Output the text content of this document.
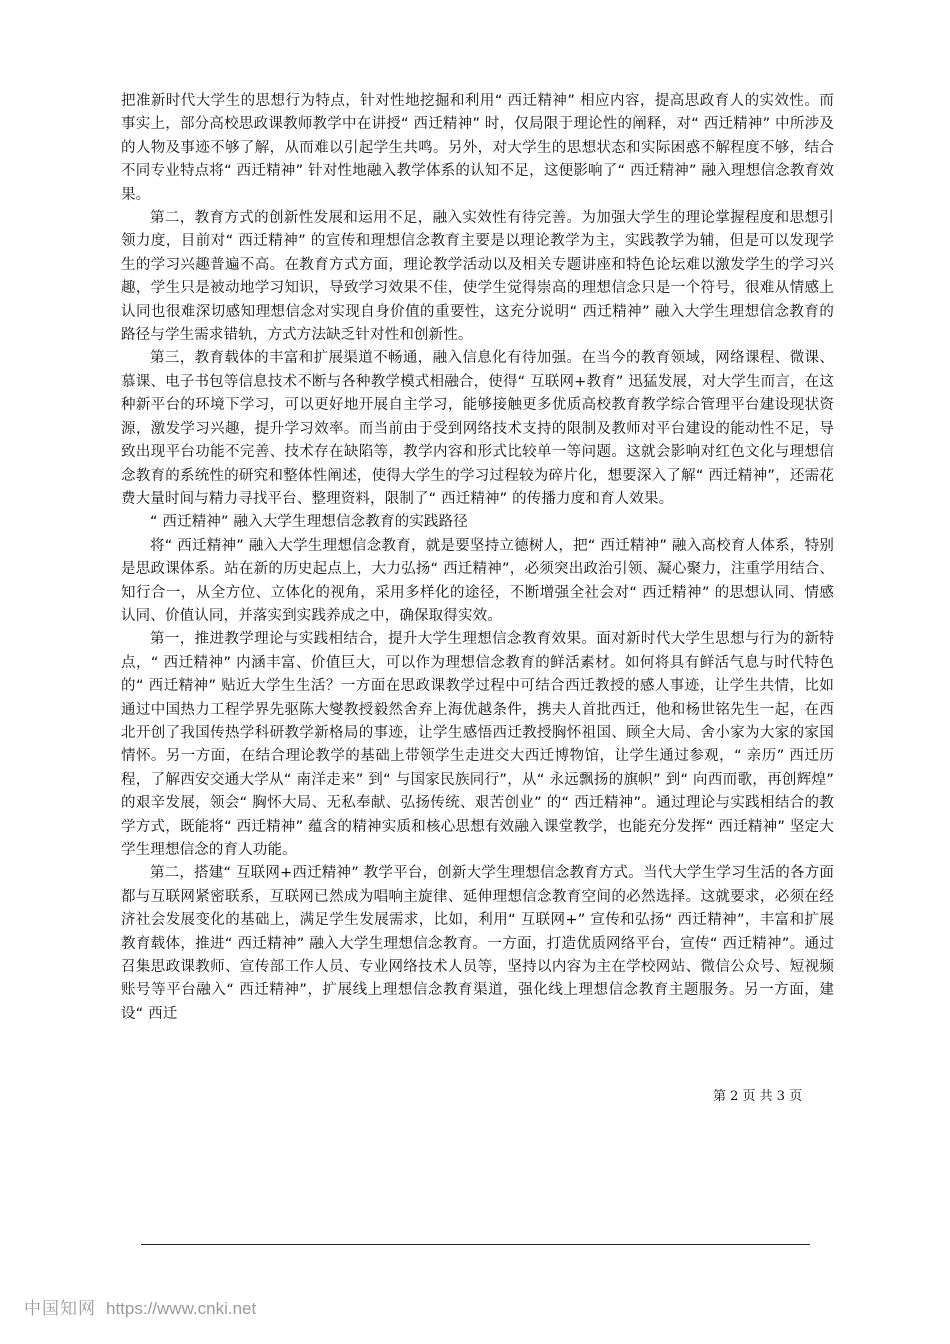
把准新时代大学生的思想行为特点，针对性地挖掘和利用“ 西迁精神” 相应内容，提高思政育人的实效性。而事实上，部分高校思政课教师教学中在讲授“ 西迁精神” 时，仅局限于理论性的阐释，对“ 西迁精神” 中所涉及的人物及事迹不够了解，从而难以引起学生共鸣。另外，对大学生的思想状态和实际困惑不解程度不够，结合不同专业特点将“ 西迁精神” 针对性地融入教学体系的认知不足，这便影响了“ 西迁精神” 融入理想信念教育效果。

第二，教育方式的创新性发展和运用不足，融入实效性有待完善。为加强大学生的理论掌握程度和思想引领力度，目前对“ 西迁精神” 的宣传和理想信念教育主要是以理论教学为主，实践教学为辅，但是可以发现学生的学习兴趣普遍不高。在教育方式方面，理论教学活动以及相关专题讲座和特色论坛难以激发学生的学习兴趣，学生只是被动地学习知识，导致学习效果不佳，使学生觉得崇高的理想信念只是一个符号，很难从情感上认同也很难深切感知理想信念对实现自身价值的重要性，这充分说明“ 西迁精神” 融入大学生理想信念教育的路径与学生需求错轨，方式方法缺乏针对性和创新性。

第三，教育载体的丰富和扩展渠道不畅通，融入信息化有待加强。在当今的教育领域，网络课程、微课、慕课、电子书包等信息技术不断与各种教学模式相融合，使得“ 互联网+教育” 迅猛发展，对大学生而言，在这种新平台的环境下学习，可以更好地开展自主学习，能够接触更多优质高校教育教学综合管理平台建设现状资源，激发学习兴趣，提升学习效率。而当前由于受到网络技术支持的限制及教师对平台建设的能动性不足，导致出现平台功能不完善、技术存在缺陷等，教学内容和形式比较单一等问题。这就会影响对红色文化与理想信念教育的系统性的研究和整体性阐述，使得大学生的学习过程较为碎片化，想要深入了解“ 西迁精神”，还需花费大量时间与精力寻找平台、整理资料，限制了“ 西迁精神” 的传播力度和育人效果。

“ 西迁精神” 融入大学生理想信念教育的实践路径

将“ 西迁精神” 融入大学生理想信念教育，就是要坚持立德树人，把“ 西迁精神” 融入高校育人体系，特别是思政课体系。站在新的历史起点上，大力弘扬“ 西迁精神”，必须突出政治引领、凝心聚力，注重学用结合、知行合一，从全方位、立体化的视角，采用多样化的途径，不断增强全社会对“ 西迁精神” 的思想认同、情感认同、价值认同，并落实到实践养成之中，确保取得实效。

第一，推进教学理论与实践相结合，提升大学生理想信念教育效果。面对新时代大学生思想与行为的新特点，“ 西迁精神” 内涵丰富、价值巨大，可以作为理想信念教育的鲜活素材。如何将具有鲜活气息与时代特色的“ 西迁精神” 贴近大学生生活？一方面在思政课教学过程中可结合西迁教授的感人事迹，让学生共情，比如通过中国热力工程学界先驱陈大燮教授毅然舍弃上海优越条件，携夫人首批西迁，他和杨世铭先生一起，在西北开创了我国传热学科研教学新格局的事迹，让学生感悟西迁教授胸怀祖国、顾全大局、舍小家为大家的家国情怀。另一方面，在结合理论教学的基础上带领学生走进交大西迁博物馆，让学生通过参观，“ 亲历” 西迁历程，了解西安交通大学从“ 南洋走来” 到“ 与国家民族同行”，从“ 永远飘扬的旗帜” 到“ 向西而歌，再创辉煌” 的艰辛发展，领会“ 胸怀大局、无私奉献、弘扬传统、艰苦创业” 的“ 西迁精神”。通过理论与实践相结合的教学方式，既能将“ 西迁精神” 蕴含的精神实质和核心思想有效融入课堂教学，也能充分发挥“ 西迁精神” 坚定大学生理想信念的育人功能。

第二，搭建“ 互联网+西迁精神” 教学平台，创新大学生理想信念教育方式。当代大学生学习生活的各方面都与互联网紧密联系，互联网已然成为唱响主旋律、延伸理想信念教育空间的必然选择。这就要求，必须在经济社会发展变化的基础上，满足学生发展需求，比如，利用“ 互联网+” 宣传和弘扬“ 西迁精神”，丰富和扩展教育载体，推进“ 西迁精神” 融入大学生理想信念教育。一方面，打造优质网络平台，宣传“ 西迁精神”。通过召集思政课教师、宣传部工作人员、专业网络技术人员等，坚持以内容为主在学校网站、微信公众号、短视频账号等平台融入“ 西迁精神”，扩展线上理想信念教育渠道，强化线上理想信念教育主题服务。另一方面，建设“ 西迁

第 2 页 共 3 页
中国知网 https://www.cnki.net
